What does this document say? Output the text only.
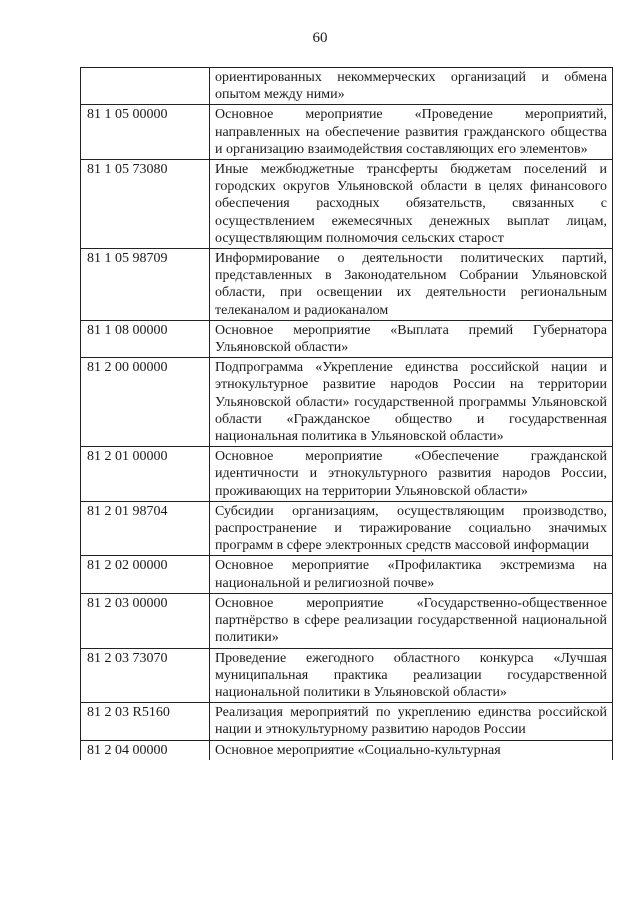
60
	ориентированных некоммерческих организаций и обмена опытом между ними»
81 1 05 00000	Основное мероприятие «Проведение мероприятий, направленных на обеспечение развития гражданского общества и организацию взаимодействия составляющих его элементов»
81 1 05 73080	Иные межбюджетные трансферты бюджетам поселений и городских округов Ульяновской области в целях финансового обеспечения расходных обязательств, связанных с осуществлением ежемесячных денежных выплат лицам, осуществляющим полномочия сельских старост
81 1 05 98709	Информирование о деятельности политических партий, представленных в Законодательном Собрании Ульяновской области, при освещении их деятельности региональным телеканалом и радиоканалом
81 1 08 00000	Основное мероприятие «Выплата премий Губернатора Ульяновской области»
81 2 00 00000	Подпрограмма «Укрепление единства российской нации и этнокультурное развитие народов России на территории Ульяновской области» государственной программы Ульяновской области «Гражданское общество и государственная национальная политика в Ульяновской области»
81 2 01 00000	Основное мероприятие «Обеспечение гражданской идентичности и этнокультурного развития народов России, проживающих на территории Ульяновской области»
81 2 01 98704	Субсидии организациям, осуществляющим производство, распространение и тиражирование социально значимых программ в сфере электронных средств массовой информации
81 2 02 00000	Основное мероприятие «Профилактика экстремизма на национальной и религиозной почве»
81 2 03 00000	Основное мероприятие «Государственно-общественное партнёрство в сфере реализации государственной национальной политики»
81 2 03 73070	Проведение ежегодного областного конкурса «Лучшая муниципальная практика реализации государственной национальной политики в Ульяновской области»
81 2 03 R5160	Реализация мероприятий по укреплению единства российской нации и этнокультурному развитию народов России
81 2 04 00000	Основное мероприятие «Социально-культурная
